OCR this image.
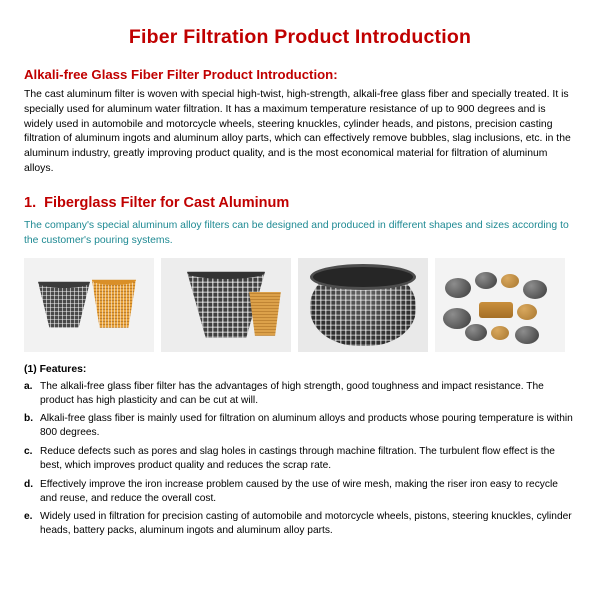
Fiber Filtration Product Introduction
Alkali-free Glass Fiber Filter Product Introduction:

The cast aluminum filter is woven with special high-twist, high-strength, alkali-free glass fiber and specially treated. It is specially used for aluminum water filtration. It has a maximum temperature resistance of up to 900 degrees and is widely used in automobile and motorcycle wheels, steering knuckles, cylinder heads, and pistons, precision casting filtration of aluminum ingots and aluminum alloy parts, which can effectively remove bubbles, slag inclusions, etc. in the aluminum industry, greatly improving product quality, and is the most economical material for filtration of aluminum alloys.

1. Fiberglass Filter for Cast Aluminum

The company's special aluminum alloy filters can be designed and produced in different shapes and sizes according to the customer's pouring systems.

(1) Features:
a. The alkali-free glass fiber filter has the advantages of high strength, good toughness and impact resistance. The product has high plasticity and can be cut at will.
b. Alkali-free glass fiber is mainly used for filtration on aluminum alloys and products whose pouring temperature is within 800 degrees.
c. Reduce defects such as pores and slag holes in castings through machine filtration. The turbulent flow effect is the best, which improves product quality and reduces the scrap rate.
d. Effectively improve the iron increase problem caused by the use of wire mesh, making the riser iron easy to recycle and reuse, and reduce the overall cost.
e. Widely used in filtration for precision casting of automobile and motorcycle wheels, pistons, steering knuckles, cylinder heads, battery packs, aluminum ingots and aluminum alloy parts.
